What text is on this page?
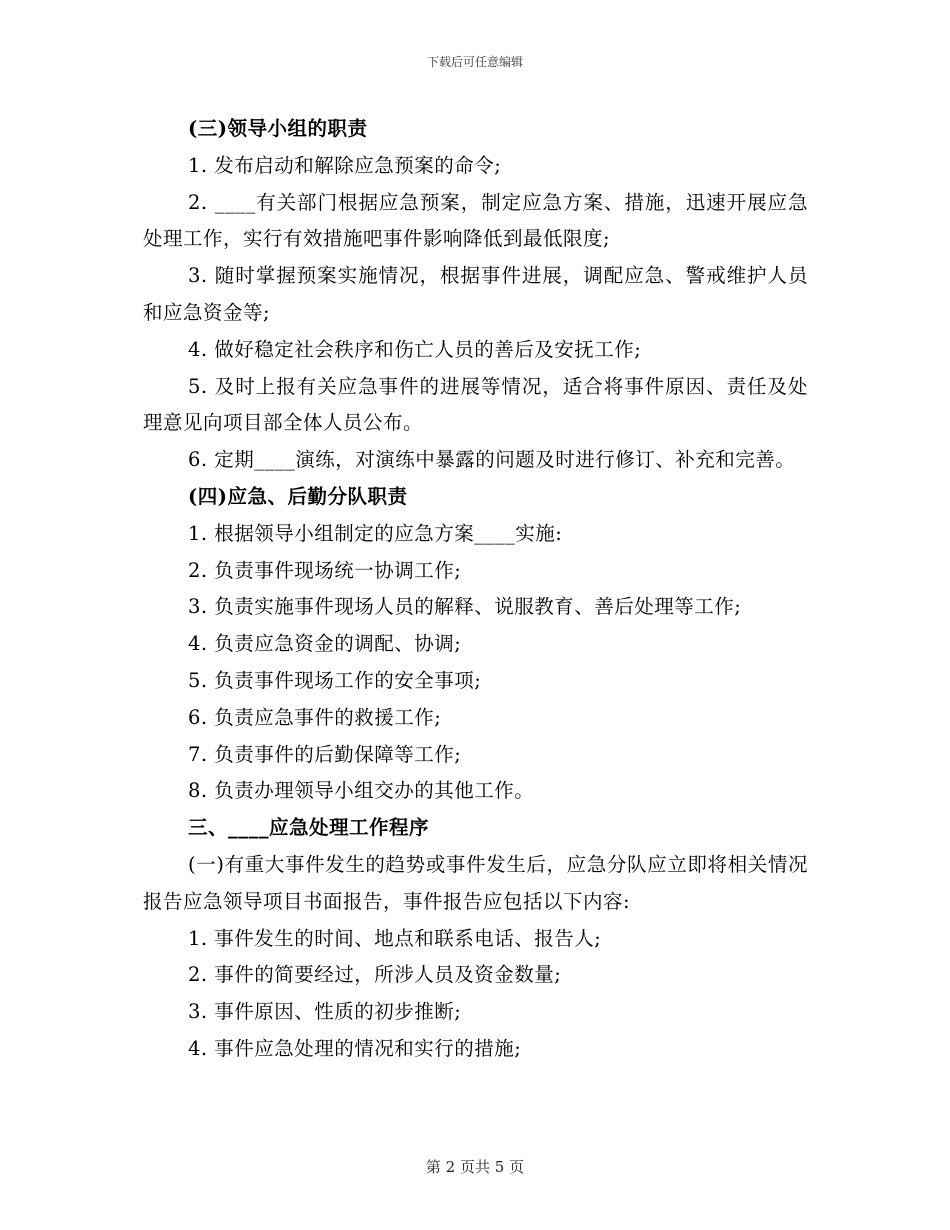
下载后可任意编辑

(三)领导小组的职责

1. 发布启动和解除应急预案的命令;

2. ____有关部门根据应急预案，制定应急方案、措施，迅速开展应急处理工作，实行有效措施吧事件影响降低到最低限度;

3. 随时掌握预案实施情况，根据事件进展，调配应急、警戒维护人员和应急资金等;

4. 做好稳定社会秩序和伤亡人员的善后及安抚工作;

5. 及时上报有关应急事件的进展等情况，适合将事件原因、责任及处理意见向项目部全体人员公布。

6. 定期____演练，对演练中暴露的问题及时进行修订、补充和完善。

(四)应急、后勤分队职责

1. 根据领导小组制定的应急方案____实施:

2. 负责事件现场统一协调工作;

3. 负责实施事件现场人员的解释、说服教育、善后处理等工作;

4. 负责应急资金的调配、协调;

5. 负责事件现场工作的安全事项;

6. 负责应急事件的救援工作;

7. 负责事件的后勤保障等工作;

8. 负责办理领导小组交办的其他工作。

三、____应急处理工作程序

(一)有重大事件发生的趋势或事件发生后，应急分队应立即将相关情况报告应急领导项目书面报告，事件报告应包括以下内容:

1. 事件发生的时间、地点和联系电话、报告人;

2. 事件的简要经过，所涉人员及资金数量;

3. 事件原因、性质的初步推断;

4. 事件应急处理的情况和实行的措施;

第 2 页共 5 页
